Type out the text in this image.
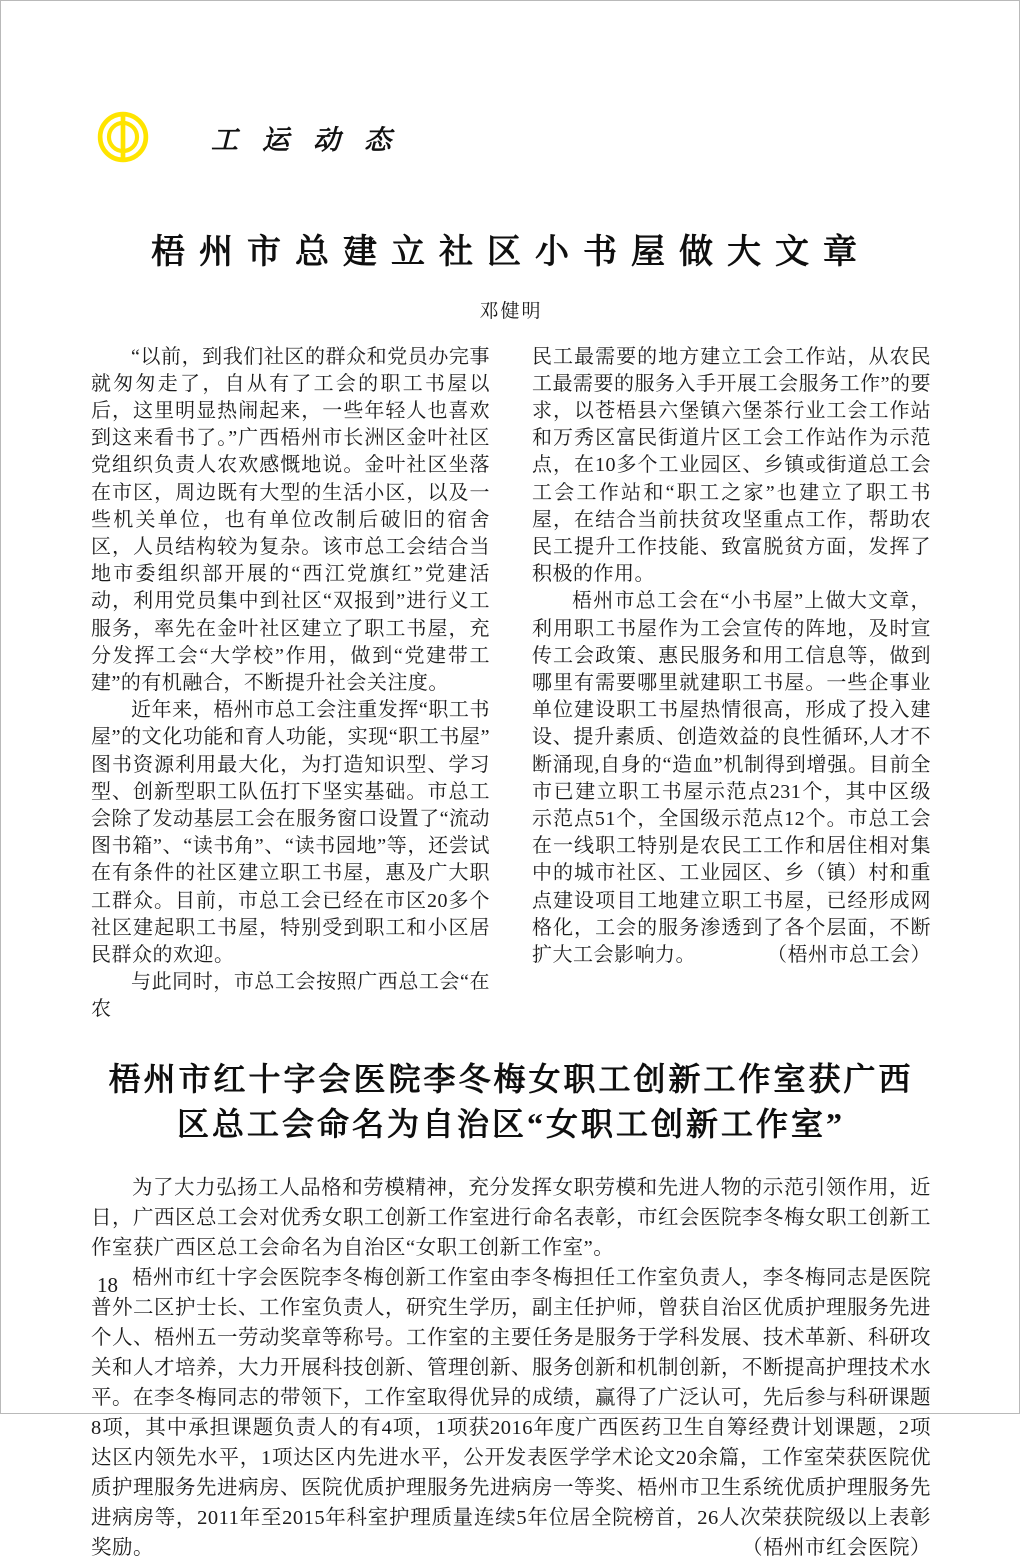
工运动态
梧州市总建立社区小书屋做大文章
邓健明

“以前，到我们社区的群众和党员办完事就匆匆走了，自从有了工会的职工书屋以后，这里明显热闹起来，一些年轻人也喜欢到这来看书了。”广西梧州市长洲区金叶社区党组织负责人农欢感慨地说。金叶社区坐落在市区，周边既有大型的生活小区，以及一些机关单位，也有单位改制后破旧的宿舍区，人员结构较为复杂。该市总工会结合当地市委组织部开展的“西江党旗红”党建活动，利用党员集中到社区“双报到”进行义工服务，率先在金叶社区建立了职工书屋，充分发挥工会“大学校”作用，做到“党建带工建”的有机融合，不断提升社会关注度。

近年来，梧州市总工会注重发挥“职工书屋”的文化功能和育人功能，实现“职工书屋”图书资源利用最大化，为打造知识型、学习型、创新型职工队伍打下坚实基础。市总工会除了发动基层工会在服务窗口设置了“流动图书箱”、“读书角”、“读书园地”等，还尝试在有条件的社区建立职工书屋，惠及广大职工群众。目前，市总工会已经在市区20多个社区建起职工书屋，特别受到职工和小区居民群众的欢迎。

与此同时，市总工会按照广西总工会“在农

民工最需要的地方建立工会工作站，从农民工最需要的服务入手开展工会服务工作”的要求，以苍梧县六堡镇六堡茶行业工会工作站和万秀区富民街道片区工会工作站作为示范点，在10多个工业园区、乡镇或街道总工会工会工作站和“职工之家”也建立了职工书屋，在结合当前扶贫攻坚重点工作，帮助农民工提升工作技能、致富脱贫方面，发挥了积极的作用。

梧州市总工会在“小书屋”上做大文章，利用职工书屋作为工会宣传的阵地，及时宣传工会政策、惠民服务和用工信息等，做到哪里有需要哪里就建职工书屋。一些企事业单位建设职工书屋热情很高，形成了投入建设、提升素质、创造效益的良性循环,人才不断涌现,自身的“造血”机制得到增强。目前全市已建立职工书屋示范点231个，其中区级示范点51个，全国级示范点12个。市总工会在一线职工特别是农民工工作和居住相对集中的城市社区、工业园区、乡（镇）村和重点建设项目工地建立职工书屋，已经形成网格化，工会的服务渗透到了各个层面，不断扩大工会影响力。	（梧州市总工会）

梧州市红十字会医院李冬梅女职工创新工作室获广西
区总工会命名为自治区“女职工创新工作室”

为了大力弘扬工人品格和劳模精神，充分发挥女职劳模和先进人物的示范引领作用，近日，广西区总工会对优秀女职工创新工作室进行命名表彰，市红会医院李冬梅女职工创新工作室获广西区总工会命名为自治区“女职工创新工作室”。

梧州市红十字会医院李冬梅创新工作室由李冬梅担任工作室负责人，李冬梅同志是医院普外二区护士长、工作室负责人，研究生学历，副主任护师，曾获自治区优质护理服务先进个人、梧州五一劳动奖章等称号。工作室的主要任务是服务于学科发展、技术革新、科研攻关和人才培养，大力开展科技创新、管理创新、服务创新和机制创新，不断提高护理技术水平。在李冬梅同志的带领下，工作室取得优异的成绩，赢得了广泛认可，先后参与科研课题8项，其中承担课题负责人的有4项，1项获2016年度广西医药卫生自筹经费计划课题，2项达区内领先水平，1项达区内先进水平，公开发表医学学术论文20余篇，工作室荣获医院优质护理服务先进病房、医院优质护理服务先进病房一等奖、梧州市卫生系统优质护理服务先进病房等，2011年至2015年科室护理质量连续5年位居全院榜首，26人次荣获院级以上表彰奖励。	（梧州市红会医院）

18
